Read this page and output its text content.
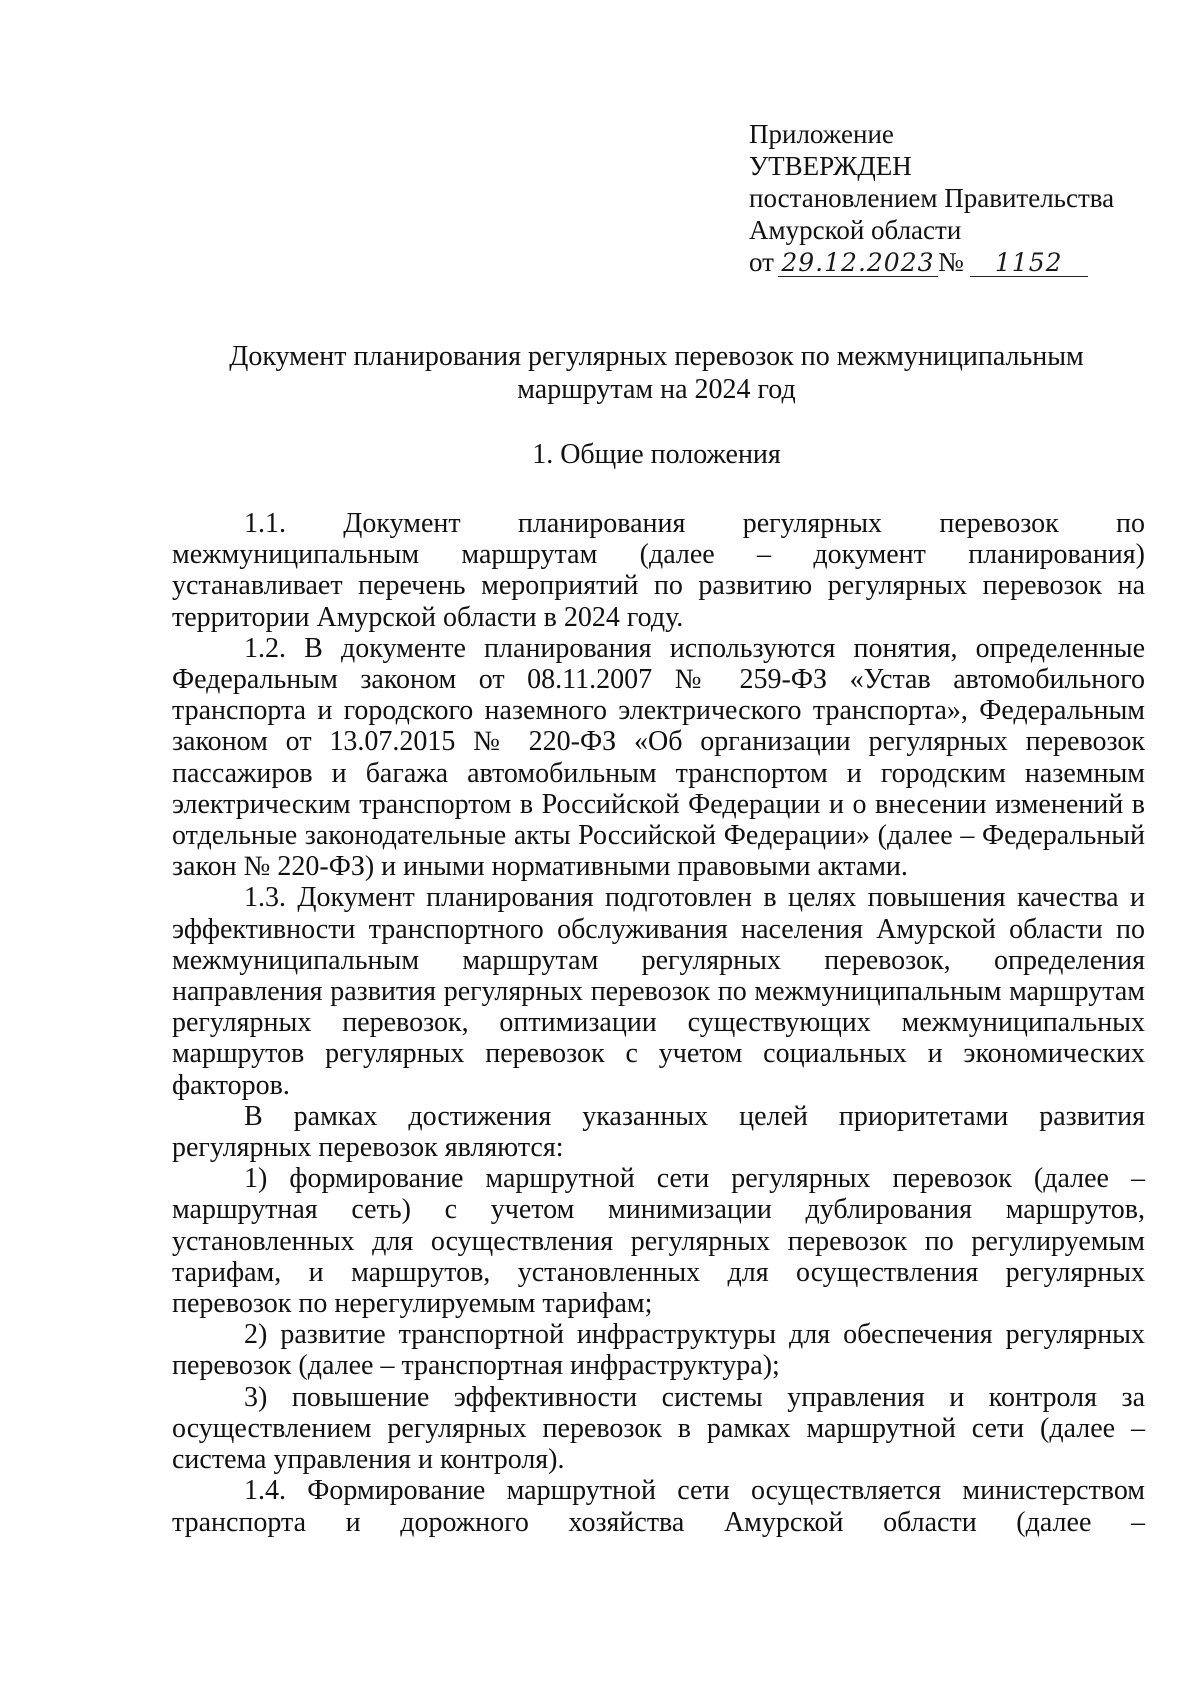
Приложение
УТВЕРЖДЕН
постановлением Правительства
Амурской области
от 29.12.2023 № 1152
Документ планирования регулярных перевозок по межмуниципальным
маршрутам на 2024 год
1. Общие положения

1.1. Документ планирования регулярных перевозок по межмуниципальным маршрутам (далее – документ планирования) устанавливает перечень мероприятий по развитию регулярных перевозок на территории Амурской области в 2024 году.

1.2. В документе планирования используются понятия, определенные Федеральным законом от 08.11.2007 № 259-ФЗ «Устав автомобильного транспорта и городского наземного электрического транспорта», Федеральным законом от 13.07.2015 № 220-ФЗ «Об организации регулярных перевозок пассажиров и багажа автомобильным транспортом и городским наземным электрическим транспортом в Российской Федерации и о внесении изменений в отдельные законодательные акты Российской Федерации» (далее – Федеральный закон № 220-ФЗ) и иными нормативными правовыми актами.

1.3. Документ планирования подготовлен в целях повышения качества и эффективности транспортного обслуживания населения Амурской области по межмуниципальным маршрутам регулярных перевозок, определения направления развития регулярных перевозок по межмуниципальным маршрутам регулярных перевозок, оптимизации существующих межмуниципальных маршрутов регулярных перевозок с учетом социальных и экономических факторов.

В рамках достижения указанных целей приоритетами развития регулярных перевозок являются:

1) формирование маршрутной сети регулярных перевозок (далее – маршрутная сеть) с учетом минимизации дублирования маршрутов, установленных для осуществления регулярных перевозок по регулируемым тарифам, и маршрутов, установленных для осуществления регулярных перевозок по нерегулируемым тарифам;

2) развитие транспортной инфраструктуры для обеспечения регулярных перевозок (далее – транспортная инфраструктура);

3) повышение эффективности системы управления и контроля за осуществлением регулярных перевозок в рамках маршрутной сети (далее – система управления и контроля).

1.4. Формирование маршрутной сети осуществляется министерством транспорта и дорожного хозяйства Амурской области (далее –
